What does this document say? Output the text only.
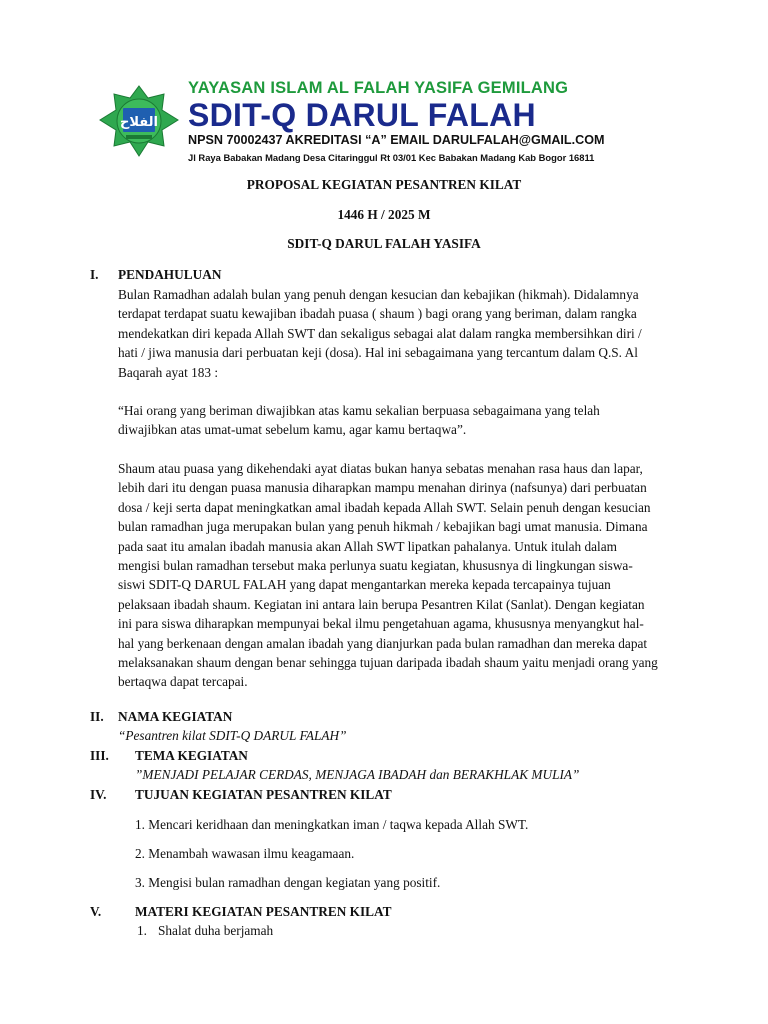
ﺍﻟﻔﻼﺡ
YAYASAN ISLAM AL FALAH YASIFA GEMILANG
SDIT-Q DARUL FALAH
NPSN 70002437 AKREDITASI “A” EMAIL DARULFALAH@GMAIL.COM
Jl Raya Babakan Madang Desa Citaringgul Rt 03/01 Kec Babakan Madang Kab Bogor 16811
PROPOSAL KEGIATAN PESANTREN KILAT
1446 H / 2025 M
SDIT-Q DARUL FALAH YASIFA
I. PENDAHULUAN
Bulan Ramadhan adalah bulan yang penuh dengan kesucian dan kebajikan (hikmah). Didalamnya
terdapat terdapat suatu kewajiban ibadah puasa ( shaum ) bagi orang yang beriman, dalam rangka
mendekatkan diri kepada Allah SWT dan sekaligus sebagai alat dalam rangka membersihkan diri /
hati / jiwa manusia dari perbuatan keji (dosa). Hal ini sebagaimana yang tercantum dalam Q.S. Al
Baqarah ayat 183 :
“Hai orang yang beriman diwajibkan atas kamu sekalian berpuasa sebagaimana yang telah
diwajibkan atas umat-umat sebelum kamu, agar kamu bertaqwa”.
Shaum atau puasa yang dikehendaki ayat diatas bukan hanya sebatas menahan rasa haus dan lapar,
lebih dari itu dengan puasa manusia diharapkan mampu menahan dirinya (nafsunya) dari perbuatan
dosa / keji serta dapat meningkatkan amal ibadah kepada Allah SWT. Selain penuh dengan kesucian
bulan ramadhan juga merupakan bulan yang penuh hikmah / kebajikan bagi umat manusia. Dimana
pada saat itu amalan ibadah manusia akan Allah SWT lipatkan pahalanya. Untuk itulah dalam
mengisi bulan ramadhan tersebut maka perlunya suatu kegiatan, khususnya di lingkungan siswa-
siswi SDIT-Q DARUL FALAH yang dapat mengantarkan mereka kepada tercapainya tujuan
pelaksaan ibadah shaum. Kegiatan ini antara lain berupa Pesantren Kilat (Sanlat). Dengan kegiatan
ini para siswa diharapkan mempunyai bekal ilmu pengetahuan agama, khususnya menyangkut hal-
hal yang berkenaan dengan amalan ibadah yang dianjurkan pada bulan ramadhan dan mereka dapat
melaksanakan shaum dengan benar sehingga tujuan daripada ibadah shaum yaitu menjadi orang yang
bertaqwa dapat tercapai.
II. NAMA KEGIATAN
“Pesantren kilat SDIT-Q DARUL FALAH”
III. TEMA KEGIATAN
”MENJADI PELAJAR CERDAS, MENJAGA IBADAH dan BERAKHLAK MULIA”
IV. TUJUAN KEGIATAN PESANTREN KILAT
1. Mencari keridhaan dan meningkatkan iman / taqwa kepada Allah SWT.
2. Menambah wawasan ilmu keagamaan.
3. Mengisi bulan ramadhan dengan kegiatan yang positif.
V.	MATERI KEGIATAN PESANTREN KILAT
1. Shalat duha berjamah
